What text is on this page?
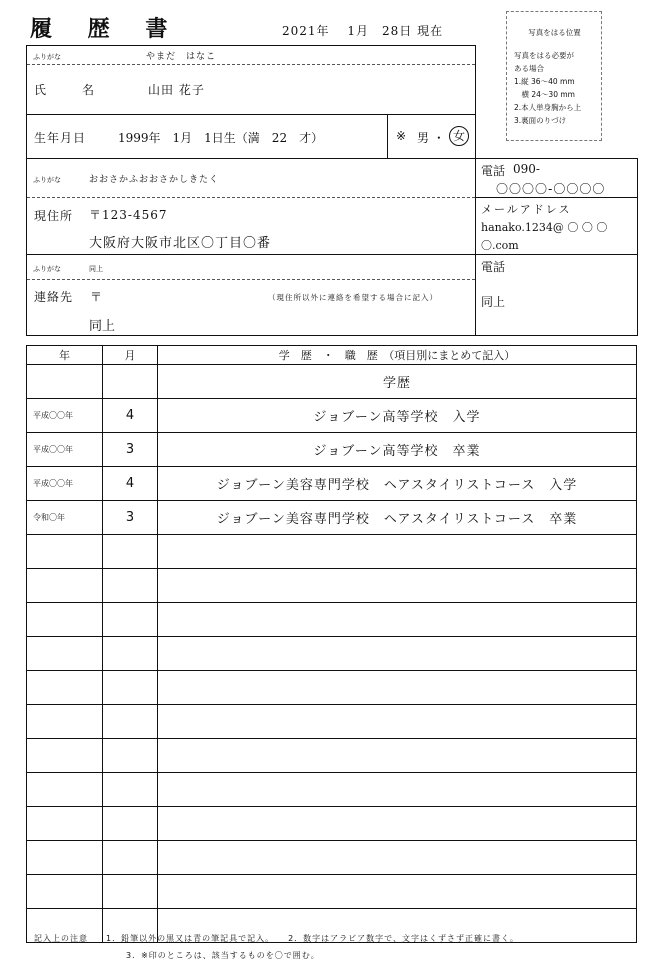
履 歴 書	2021年　 1月　28日 現在	写真をはる位置
写真をはる必要が
ある場合
1.縦 36～40 mm
　横 24～30 mm
2.本人単身胸から上
3.裏面のりづけ
ふりがな	やまだ　はなこ
氏　　名	山田 花子
生年月日	1999年　1月　1日生（満　22　才）	※ 男 ・ 女
ふりがな	おおさかふおおさかしきたく
現住所 〒123-4567
大阪府大阪市北区〇丁目〇番
電話 090-
〇〇〇〇-〇〇〇〇
メールアドレス
hanako.1234@ 〇 〇 〇
〇.com
電話
同上
ふりがな	同上
連絡先 〒	（現住所以外に連絡を希望する場合に記入）
同上
年	月	学　歴　・　職　歴　（項目別にまとめて記入）
		学歴
平成〇〇年	4	ジョブーン高等学校　入学
平成〇〇年	3	ジョブーン高等学校　卒業
平成〇〇年	4	ジョブーン美容専門学校　ヘアスタイリストコース　入学
令和〇年	3	ジョブーン美容専門学校　ヘアスタイリストコース　卒業

記入上の注意　　 1．鉛筆以外の黒又は青の筆記具で記入。　　2．数字はアラビア数字で、文字はくずさず正確に書く。
3．※印のところは、該当するものを〇で囲む。
